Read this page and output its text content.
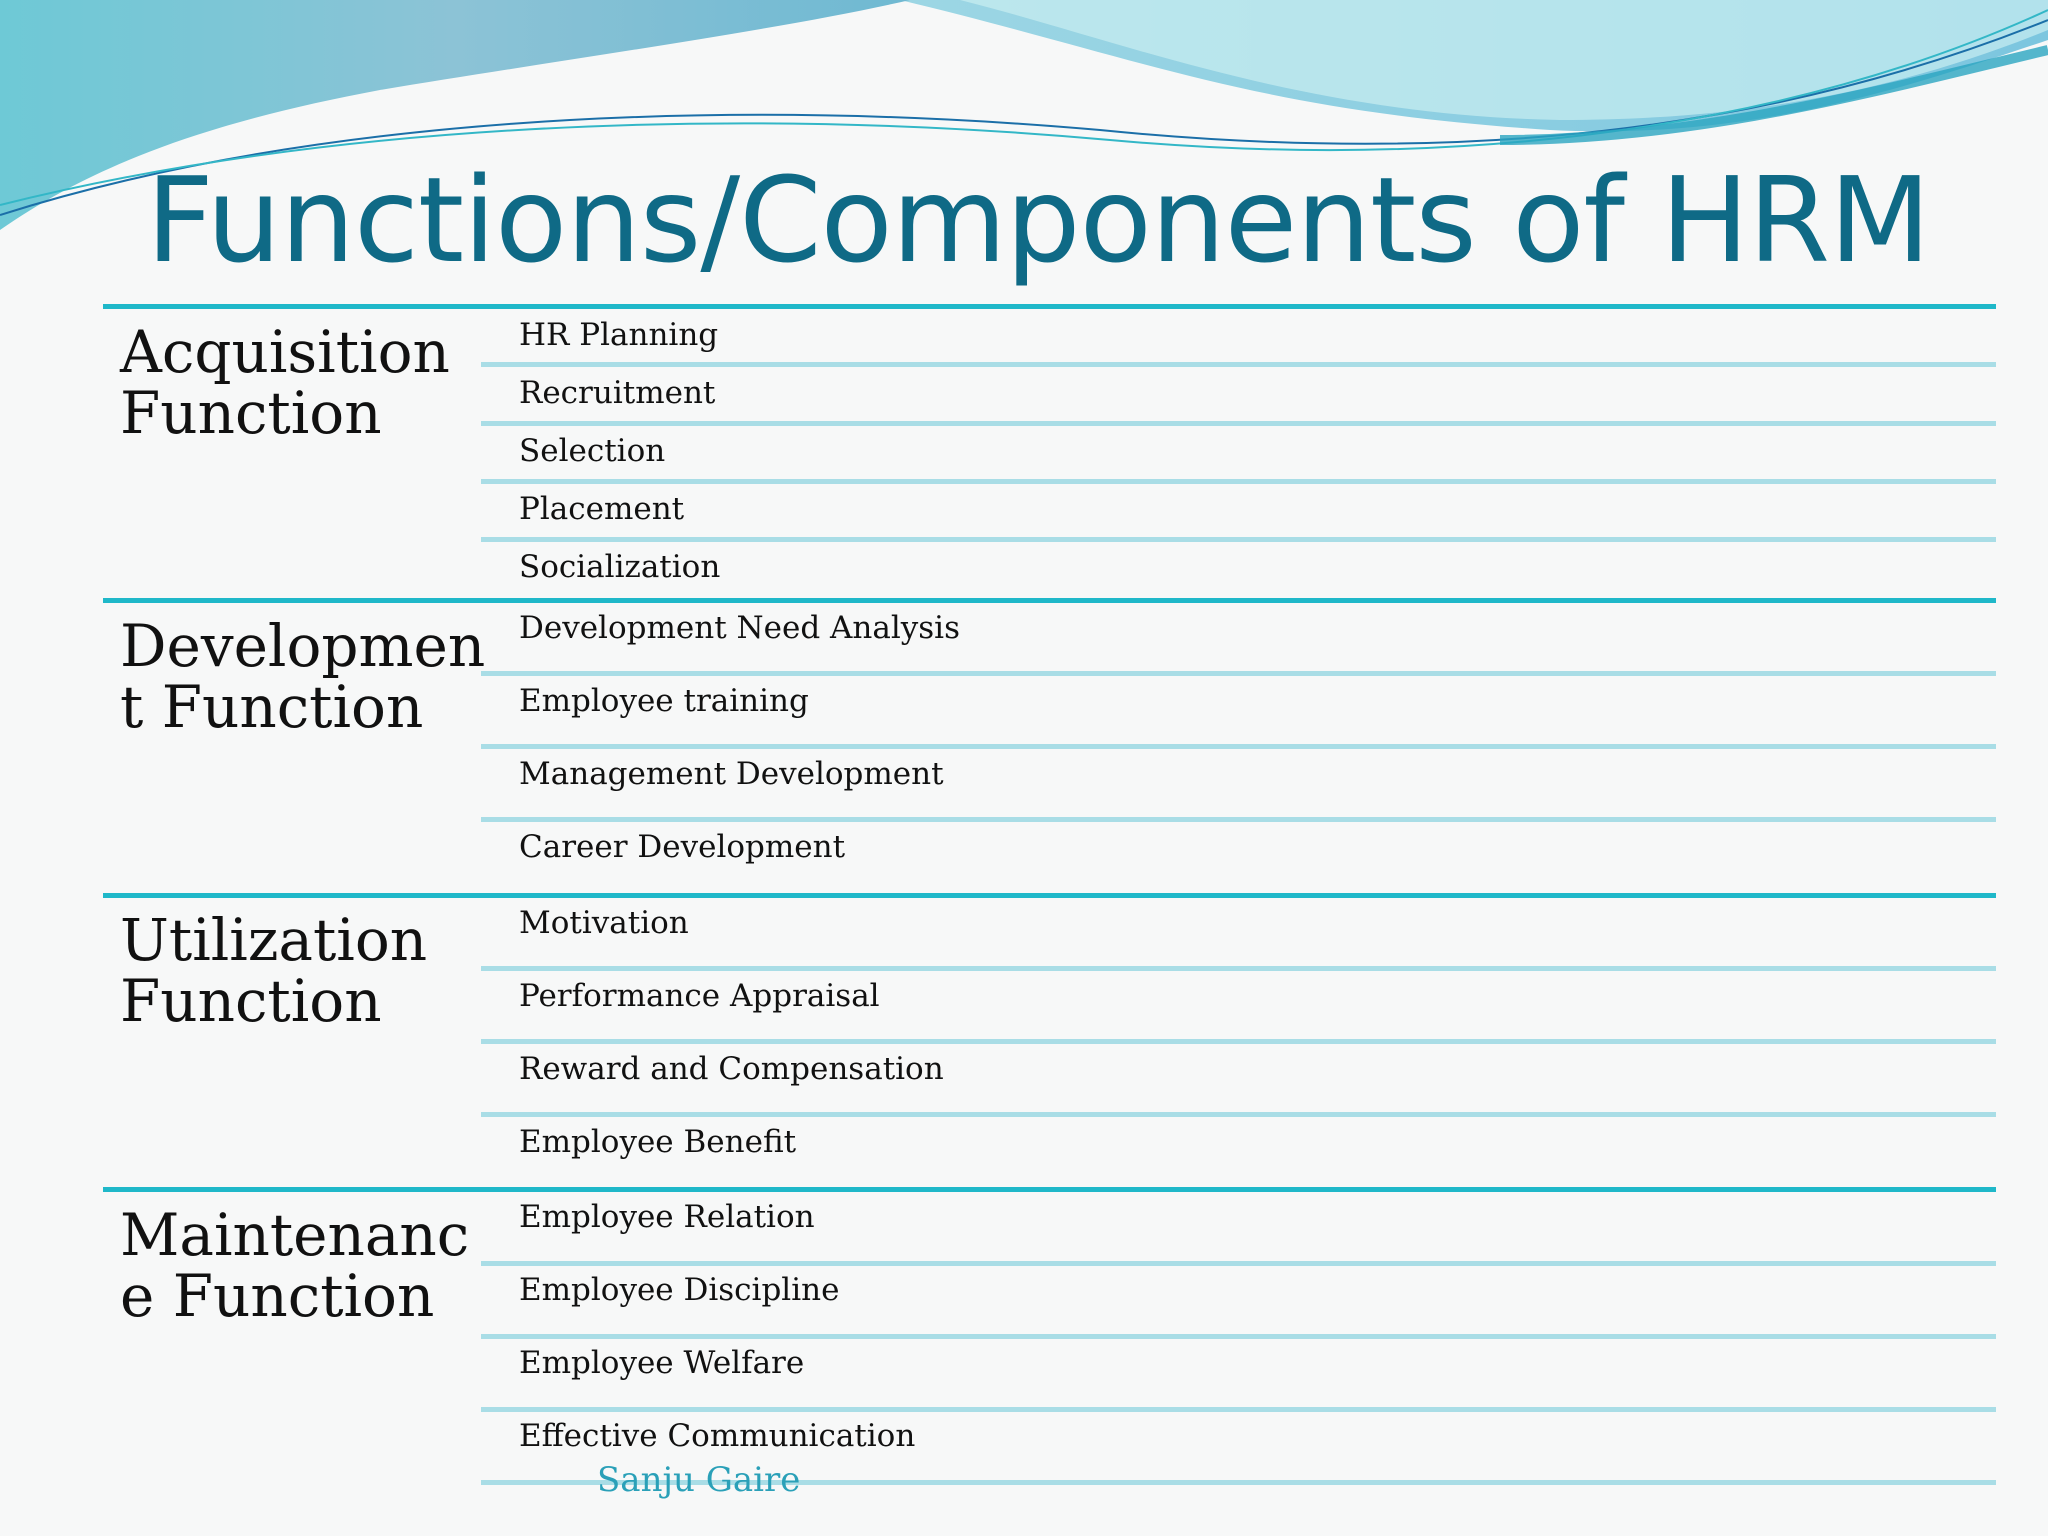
Functions/Components of HRM
Acquisition
Function
HR Planning
Recruitment
Selection
Placement
Socialization
Developmen
t Function
Development Need Analysis
Employee training
Management Development
Career Development
Utilization
Function
Motivation
Performance Appraisal
Reward and Compensation
Employee Benefit
Maintenanc
e Function
Employee Relation
Employee Discipline
Employee Welfare
Effective Communication
Sanju Gaire
